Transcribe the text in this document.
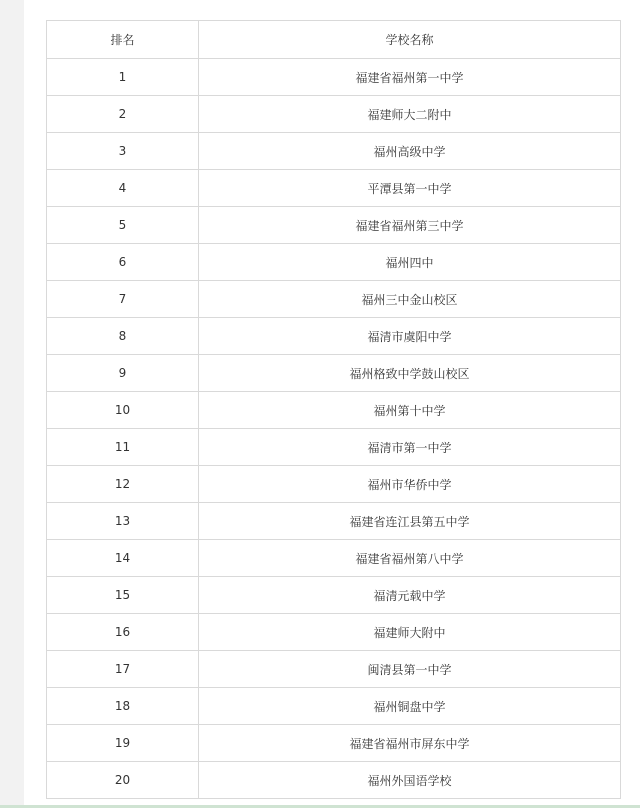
排名	学校名称
1	福建省福州第一中学
2	福建师大二附中
3	福州高级中学
4	平潭县第一中学
5	福建省福州第三中学
6	福州四中
7	福州三中金山校区
8	福清市虞阳中学
9	福州格致中学鼓山校区
10	福州第十中学
11	福清市第一中学
12	福州市华侨中学
13	福建省连江县第五中学
14	福建省福州第八中学
15	福清元载中学
16	福建师大附中
17	闽清县第一中学
18	福州铜盘中学
19	福建省福州市屏东中学
20	福州外国语学校
